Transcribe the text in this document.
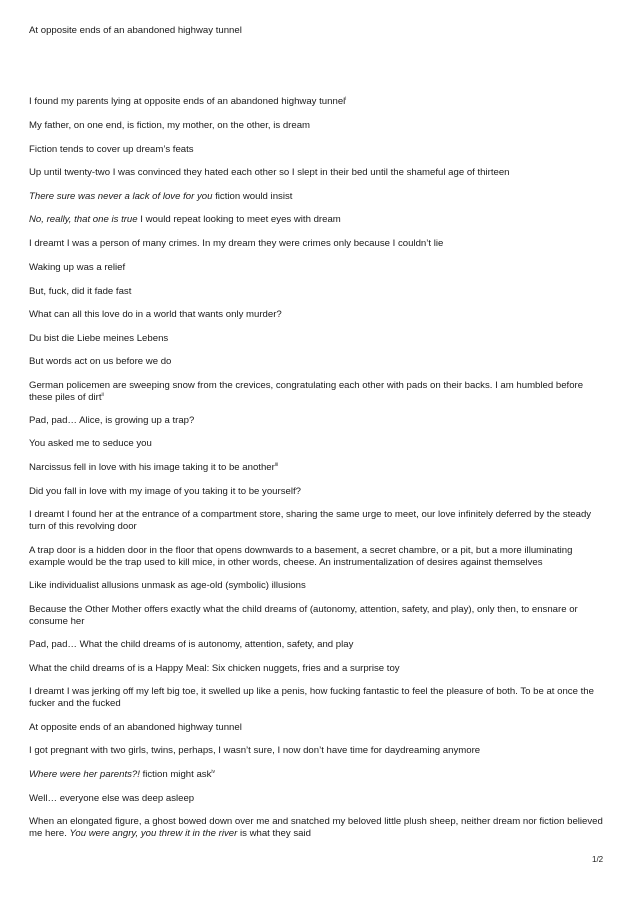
At opposite ends of an abandoned highway tunnel

I found my parents lying at opposite ends of an abandoned highway tunnel$^i$

My father, on one end, is fiction, my mother, on the other, is dream

Fiction tends to cover up dream’s feats

Up until twenty-two I was convinced they hated each other so I slept in their bed until the shameful age of thirteen

There sure was never a lack of love for you fiction would insist

No, really, that one is true I would repeat looking to meet eyes with dream

I dreamt I was a person of many crimes. In my dream they were crimes only because I couldn’t lie

Waking up was a relief

But, fuck, did it fade fast

What can all this love do in a world that wants only murder?

Du bist die Liebe meines Lebens

But words act on us before we do

German policemen are sweeping snow from the crevices, congratulating each other with pads on their backs. I am humbled before these piles of dirt$^{ii}$

Pad, pad… Alice, is growing up a trap?

You asked me to seduce you

Narcissus fell in love with his image taking it to be another$^{iii}$

Did you fall in love with my image of you taking it to be yourself?

I dreamt I found her at the entrance of a compartment store, sharing the same urge to meet, our love infinitely deferred by the steady turn of this revolving door

A trap door is a hidden door in the floor that opens downwards to a basement, a secret chambre, or a pit, but a more illuminating example would be the trap used to kill mice, in other words, cheese. An instrumentalization of desires against themselves

Like individualist allusions unmask as age-old (symbolic) illusions

Because the Other Mother offers exactly what the child dreams of (autonomy, attention, safety, and play), only then, to ensnare or consume her

Pad, pad… What the child dreams of is autonomy, attention, safety, and play

What the child dreams of is a Happy Meal: Six chicken nuggets, fries and a surprise toy

I dreamt I was jerking off my left big toe, it swelled up like a penis, how fucking fantastic to feel the pleasure of both. To be at once the fucker and the fucked

At opposite ends of an abandoned highway tunnel

I got pregnant with two girls, twins, perhaps, I wasn’t sure, I now don’t have time for daydreaming anymore

Where were her parents?! fiction might ask$^{iv}$

Well… everyone else was deep asleep

When an elongated figure, a ghost bowed down over me and snatched my beloved little plush sheep, neither dream nor fiction believed me here. You were angry, you threw it in the river is what they said

1/2
